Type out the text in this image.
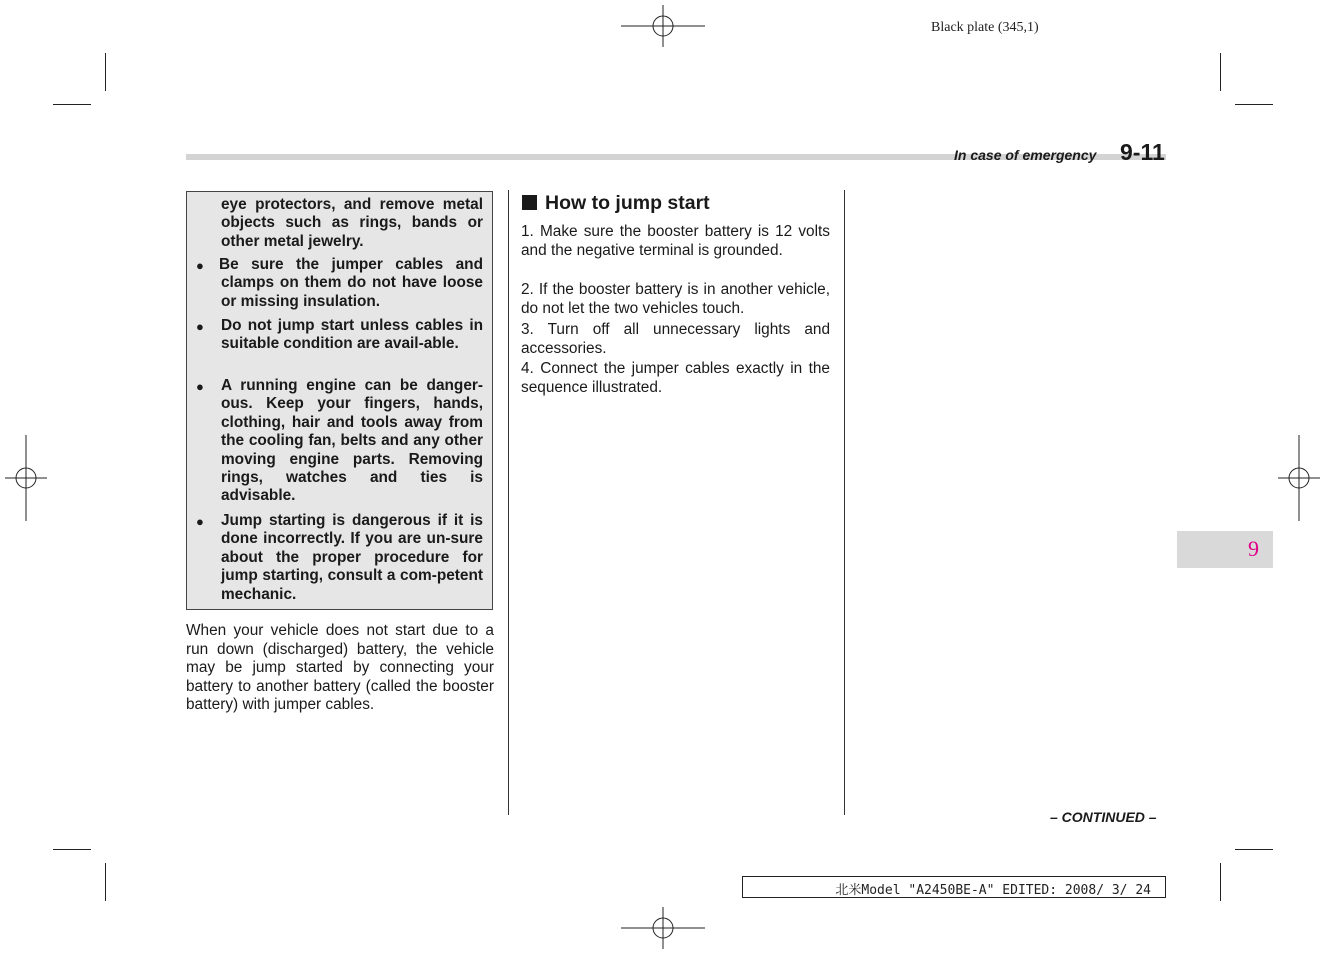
Black plate (345,1)
In case of emergency 9-11
eye protectors, and remove metal objects such as rings, bands or other metal jewelry.
● Be sure the jumper cables and clamps on them do not have loose or missing insulation.
● Do not jump start unless cables in suitable condition are avail-able.
● A running engine can be danger-ous. Keep your fingers, hands, clothing, hair and tools away from the cooling fan, belts and any other moving engine parts. Removing rings, watches and ties is advisable.
● Jump starting is dangerous if it is done incorrectly. If you are un-sure about the proper procedure for jump starting, consult a com-petent mechanic.
When your vehicle does not start due to a run down (discharged) battery, the vehicle may be jump started by connecting your battery to another battery (called the booster battery) with jumper cables.
How to jump start
1. Make sure the booster battery is 12 volts and the negative terminal is grounded.
2. If the booster battery is in another vehicle, do not let the two vehicles touch.
3. Turn off all unnecessary lights and accessories.
4. Connect the jumper cables exactly in the sequence illustrated.
9
– CONTINUED –
北米Model "A2450BE-A" EDITED: 2008/ 3/ 24
